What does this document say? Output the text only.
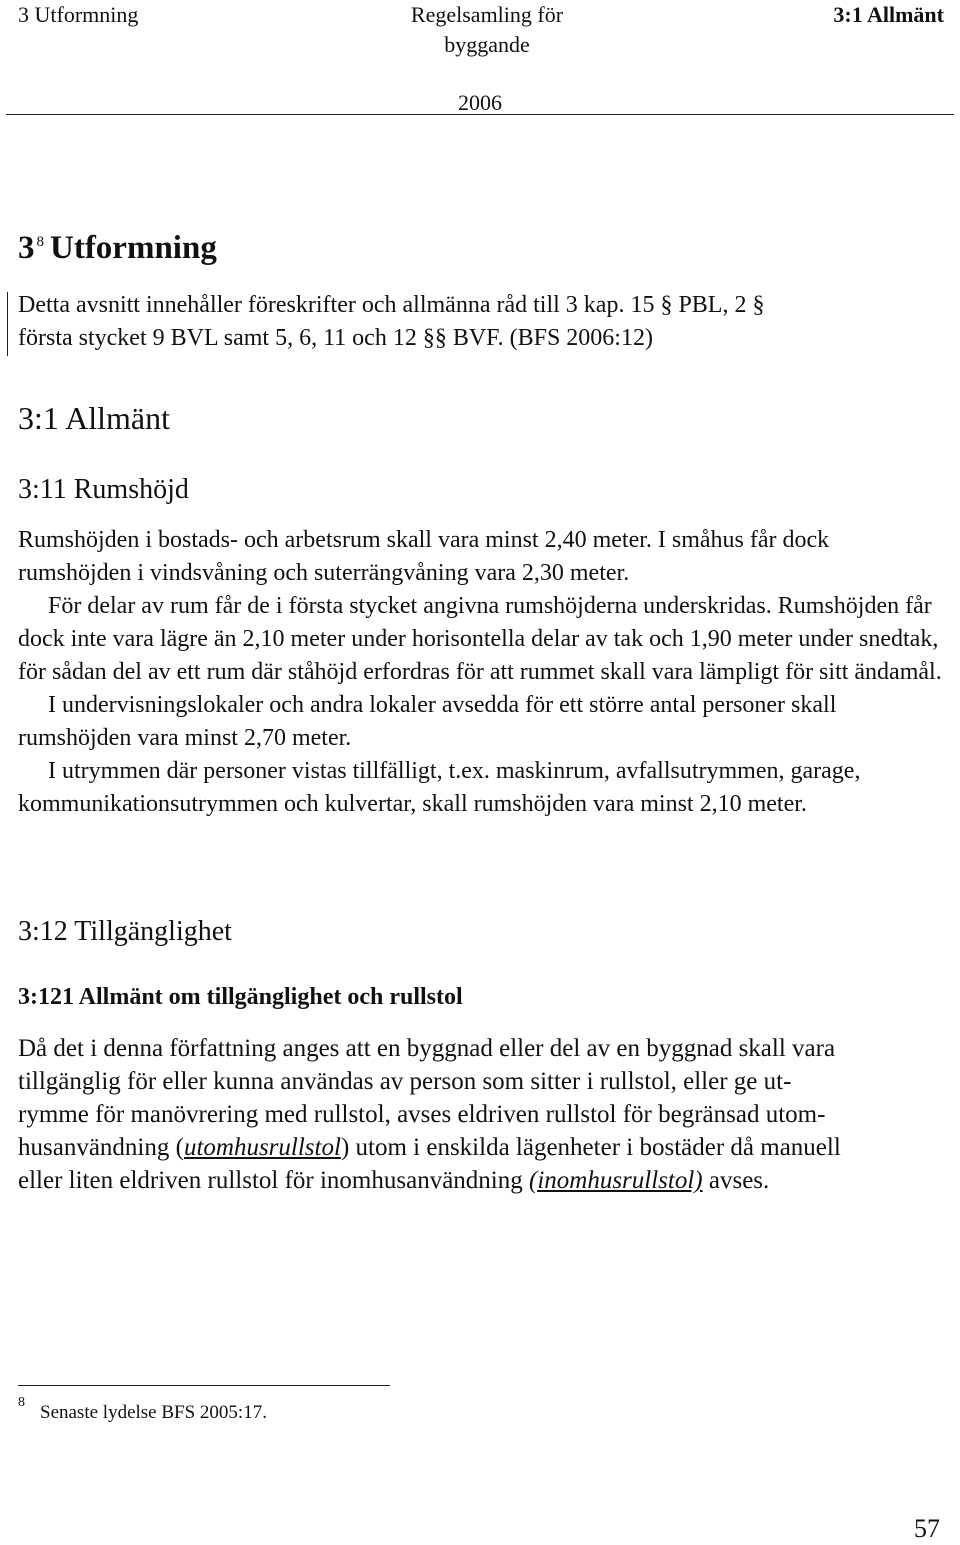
3 Utformning	Regelsamling för byggande
3:1 Allmänt
2006
3 $^8$ Utformning
Detta avsnitt innehåller föreskrifter och allmänna råd till 3 kap. 15 § PBL, 2 §
första stycket 9 BVL samt 5, 6, 11 och 12 §§ BVF. (BFS 2006:12)
3:1 Allmänt
3:11 Rumshöjd

Rumshöjden i bostads- och arbetsrum skall vara minst 2,40 meter. I småhus får dock rumshöjden i vindsvåning och suterrängvåning vara 2,30 meter.

För delar av rum får de i första stycket angivna rumshöjderna underskridas. Rumshöjden får dock inte vara lägre än 2,10 meter under horisontella delar av tak och 1,90 meter under snedtak, för sådan del av ett rum där ståhöjd erfordras för att rummet skall vara lämpligt för sitt ändamål.

I undervisningslokaler och andra lokaler avsedda för ett större antal personer skall rumshöjden vara minst 2,70 meter.

I utrymmen där personer vistas tillfälligt, t.ex. maskinrum, avfallsutrymmen, garage, kommunikationsutrymmen och kulvertar, skall rumshöjden vara minst 2,10 meter.

3:12 Tillgänglighet
3:121 Allmänt om tillgänglighet och rullstol
Då det i denna författning anges att en byggnad eller del av en byggnad skall vara
tillgänglig för eller kunna användas av person som sitter i rullstol, eller ge ut-
rymme för manövrering med rullstol, avses eldriven rullstol för begränsad utom-
husanvändning (utomhusrullstol) utom i enskilda lägenheter i bostäder då manuell
eller liten eldriven rullstol för inomhusanvändning (inomhusrullstol) avses.
8 Senaste lydelse BFS 2005:17.
57
